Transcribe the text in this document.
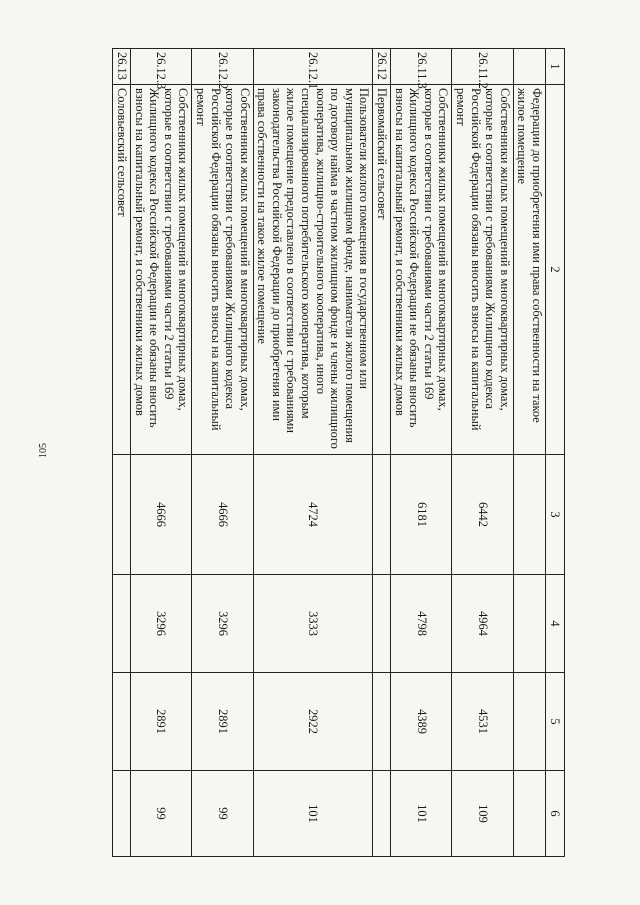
105
1	2	3	4	5	6
	Федерации до приобретения ими права собственности на такое жилое помещение				
26.11.2	Собственники жилых помещений в многоквартирных домах, которые в соответствии с требованиями Жилищного кодекса Российской Федерации обязаны вносить взносы на капитальный ремонт	6442	4964	4531	109
26.11.3	Собственники жилых помещений в многоквартирных домах, которые в соответствии с требованиями части 2 статьи 169 Жилищного кодекса Российской Федерации не обязаны вносить взносы на капитальный ремонт, и собственники жилых домов	6181	4798	4389	101
26.12	Первомайский сельсовет				
26.12.1	Пользователи жилого помещения в государственном или муниципальном жилищном фонде, наниматели жилого помещения по договору найма в частном жилищном фонде и члены жилищного кооператива, жилищно-строительного кооператива, иного специализированного потребительского кооператива, которым жилое помещение предоставлено в соответствии с требованиями законодательства Российской Федерации до приобретения ими права собственности на такое жилое помещение	4724	3333	2922	101
26.12.2	Собственники жилых помещений в многоквартирных домах, которые в соответствии с требованиями Жилищного кодекса Российской Федерации обязаны вносить взносы на капитальный ремонт	4666	3296	2891	99
26.12.3	Собственники жилых помещений в многоквартирных домах, которые в соответствии с требованиями части 2 статьи 169 Жилищного кодекса Российской Федерации не обязаны вносить взносы на капитальный ремонт, и собственники жилых домов	4666	3296	2891	99
26.13	Соловьевский сельсовет				
